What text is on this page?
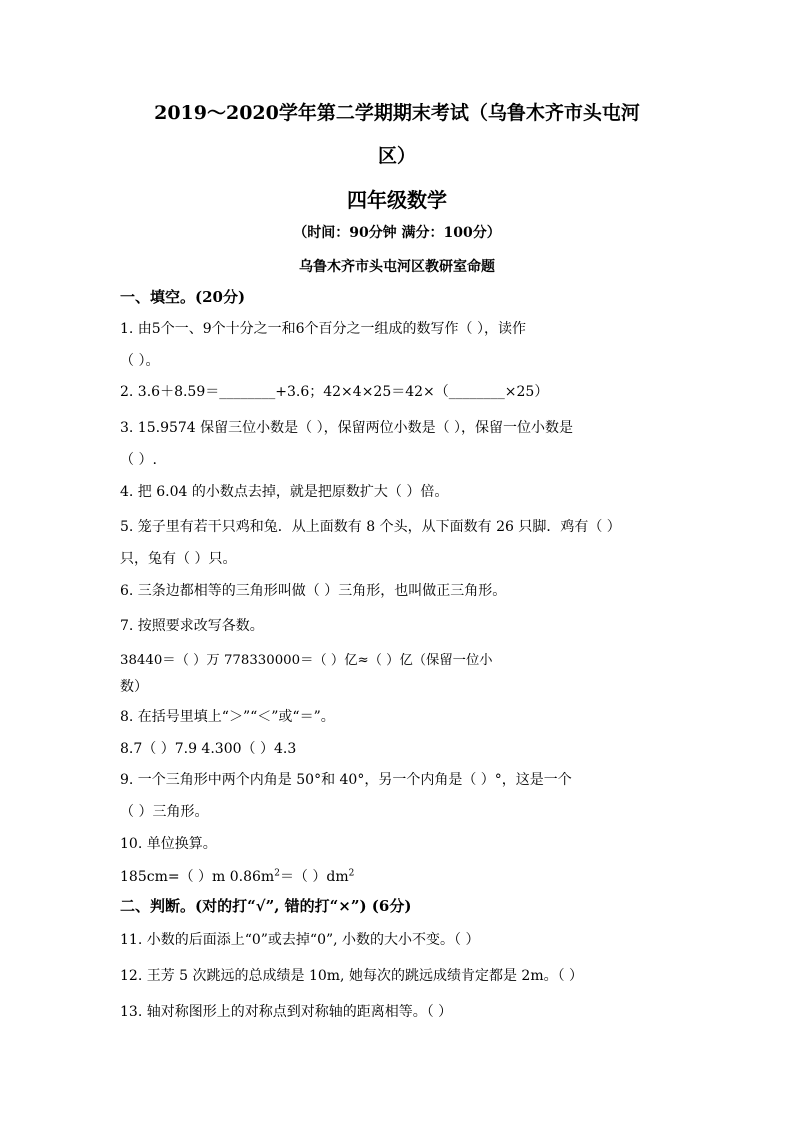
2019～2020学年第二学期期末考试（乌鲁木齐市头屯河
区）
四年级数学
（时间：90分钟 满分：100分）
乌鲁木齐市头屯河区教研室命题
一、填空。(20分)
1. 由5个一、9个十分之一和6个百分之一组成的数写作（ ），读作
（ ）。
2. 3.6＋8.59＝________+3.6；42×4×25＝42×（________×25）
3. 15.9574 保留三位小数是（ ），保留两位小数是（ ），保留一位小数是
（ ）.
4. 把 6.04 的小数点去掉，就是把原数扩大（ ）倍。
5. 笼子里有若干只鸡和兔．从上面数有 8 个头，从下面数有 26 只脚．鸡有（ ）
只，兔有（ ）只。
6. 三条边都相等的三角形叫做（ ）三角形，也叫做正三角形。
7. 按照要求改写各数。
38440＝（ ）万 778330000＝（ ）亿≈（ ）亿（保留一位小
数）
8. 在括号里填上“＞”“＜”或“＝”。
8.7（ ）7.9 4.300（ ）4.3
9. 一个三角形中两个内角是 50°和 40°，另一个内角是（ ）°，这是一个
（ ）三角形。
10. 单位换算。
185cm=（ ）m $0.86m^2=$（ ）$dm^2$
二、判断。(对的打“√”, 错的打“×”) (6分)
11. 小数的后面添上“0”或去掉“0”, 小数的大小不变。（ ）
12. 王芳 5 次跳远的总成绩是 10m, 她每次的跳远成绩肯定都是 2m。（ ）
13. 轴对称图形上的对称点到对称轴的距离相等。（ ）
